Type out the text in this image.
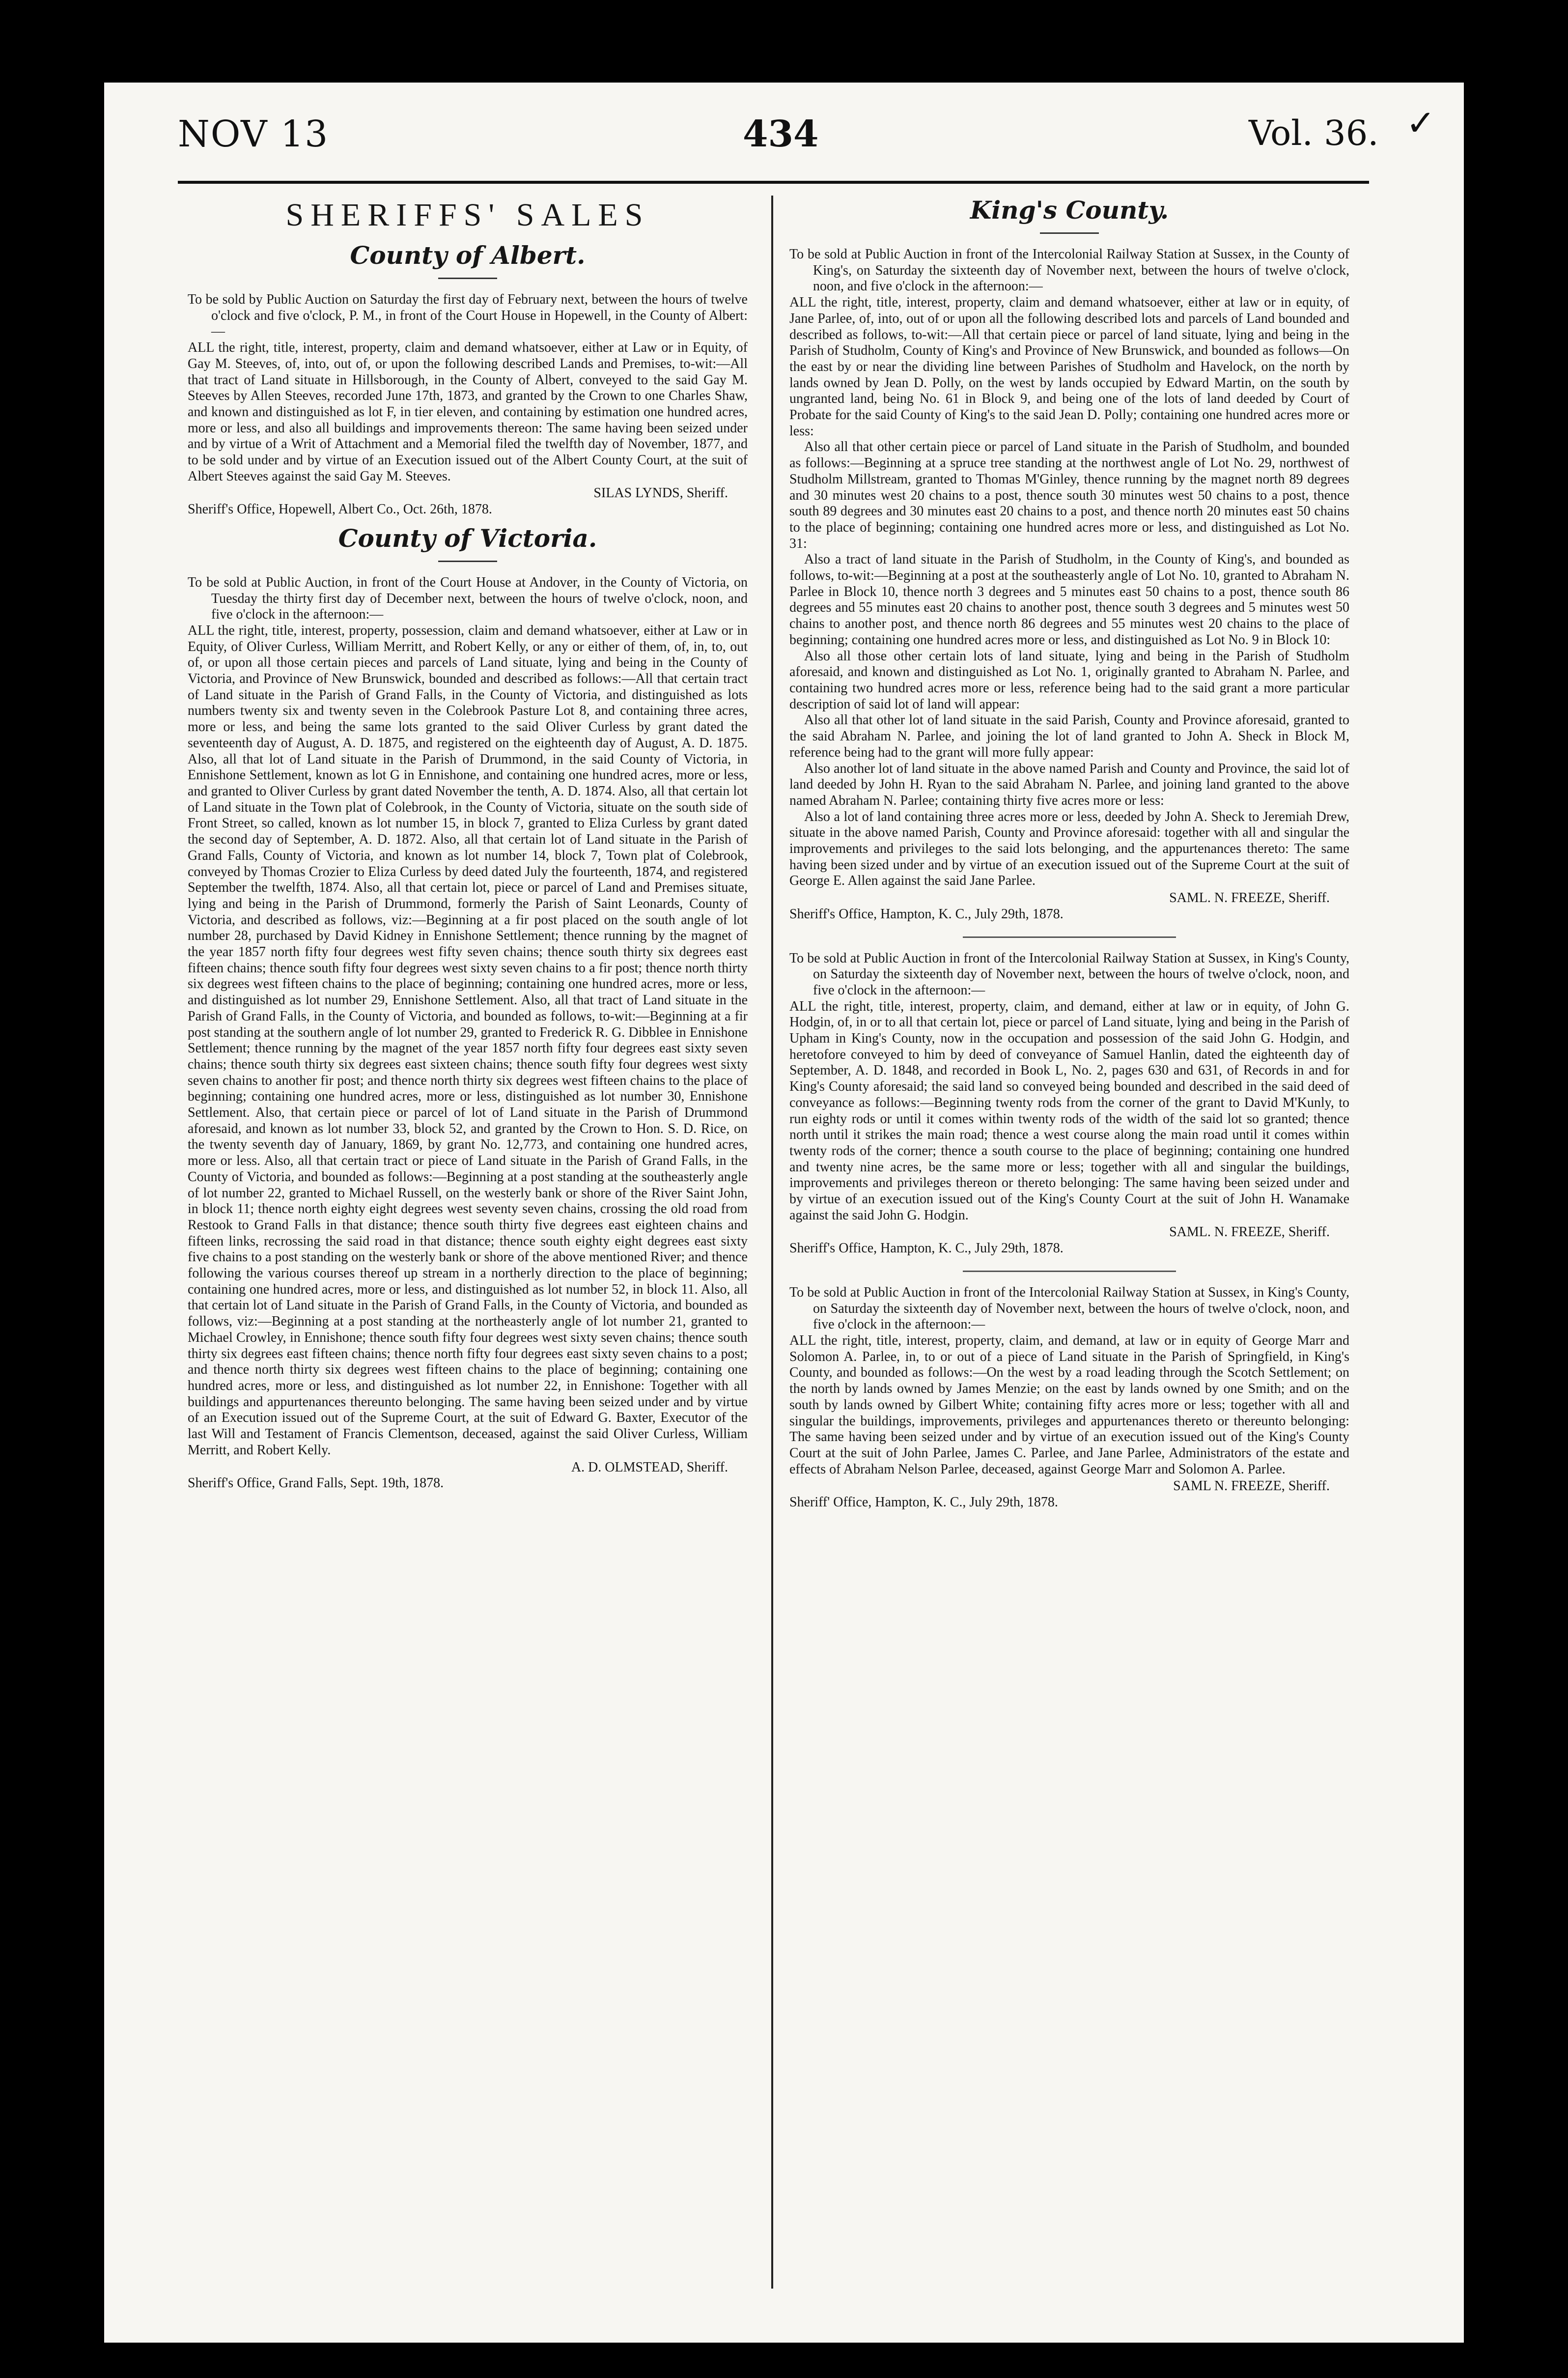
NOV 13	434	Vol. 36. ✓
SHERIFFS' SALES
County of Albert.

To be sold by Public Auction on Saturday the first day of February next, between the hours of twelve o'clock and five o'clock, P. M., in front of the Court House in Hopewell, in the County of Albert:—

ALL the right, title, interest, property, claim and demand whatsoever, either at Law or in Equity, of Gay M. Steeves, of, into, out of, or upon the following described Lands and Premises, to-wit:—All that tract of Land situate in Hillsborough, in the County of Albert, conveyed to the said Gay M. Steeves by Allen Steeves, recorded June 17th, 1873, and granted by the Crown to one Charles Shaw, and known and distinguished as lot F, in tier eleven, and containing by estimation one hundred acres, more or less, and also all buildings and improvements thereon: The same having been seized under and by virtue of a Writ of Attachment and a Memorial filed the twelfth day of November, 1877, and to be sold under and by virtue of an Execution issued out of the Albert County Court, at the suit of Albert Steeves against the said Gay M. Steeves.

SILAS LYNDS, Sheriff.

Sheriff's Office, Hopewell, Albert Co., Oct. 26th, 1878.

County of Victoria.

To be sold at Public Auction, in front of the Court House at Andover, in the County of Victoria, on Tuesday the thirty first day of December next, between the hours of twelve o'clock, noon, and five o'clock in the afternoon:—

ALL the right, title, interest, property, possession, claim and demand whatsoever, either at Law or in Equity, of Oliver Curless, William Merritt, and Robert Kelly, or any or either of them, of, in, to, out of, or upon all those certain pieces and parcels of Land situate, lying and being in the County of Victoria, and Province of New Brunswick, bounded and described as follows:—All that certain tract of Land situate in the Parish of Grand Falls, in the County of Victoria, and distinguished as lots numbers twenty six and twenty seven in the Colebrook Pasture Lot 8, and containing three acres, more or less, and being the same lots granted to the said Oliver Curless by grant dated the seventeenth day of August, A. D. 1875, and registered on the eighteenth day of August, A. D. 1875. Also, all that lot of Land situate in the Parish of Drummond, in the said County of Victoria, in Ennishone Settlement, known as lot G in Ennishone, and containing one hundred acres, more or less, and granted to Oliver Curless by grant dated November the tenth, A. D. 1874. Also, all that certain lot of Land situate in the Town plat of Colebrook, in the County of Victoria, situate on the south side of Front Street, so called, known as lot number 15, in block 7, granted to Eliza Curless by grant dated the second day of September, A. D. 1872. Also, all that certain lot of Land situate in the Parish of Grand Falls, County of Victoria, and known as lot number 14, block 7, Town plat of Colebrook, conveyed by Thomas Crozier to Eliza Curless by deed dated July the fourteenth, 1874, and registered September the twelfth, 1874. Also, all that certain lot, piece or parcel of Land and Premises situate, lying and being in the Parish of Drummond, formerly the Parish of Saint Leonards, County of Victoria, and described as follows, viz:—Beginning at a fir post placed on the south angle of lot number 28, purchased by David Kidney in Ennishone Settlement; thence running by the magnet of the year 1857 north fifty four degrees west fifty seven chains; thence south thirty six degrees east fifteen chains; thence south fifty four degrees west sixty seven chains to a fir post; thence north thirty six degrees west fifteen chains to the place of beginning; containing one hundred acres, more or less, and distinguished as lot number 29, Ennishone Settlement. Also, all that tract of Land situate in the Parish of Grand Falls, in the County of Victoria, and bounded as follows, to-wit:—Beginning at a fir post standing at the southern angle of lot number 29, granted to Frederick R. G. Dibblee in Ennishone Settlement; thence running by the magnet of the year 1857 north fifty four degrees east sixty seven chains; thence south thirty six degrees east sixteen chains; thence south fifty four degrees west sixty seven chains to another fir post; and thence north thirty six degrees west fifteen chains to the place of beginning; containing one hundred acres, more or less, distinguished as lot number 30, Ennishone Settlement. Also, that certain piece or parcel of lot of Land situate in the Parish of Drummond aforesaid, and known as lot number 33, block 52, and granted by the Crown to Hon. S. D. Rice, on the twenty seventh day of January, 1869, by grant No. 12,773, and containing one hundred acres, more or less. Also, all that certain tract or piece of Land situate in the Parish of Grand Falls, in the County of Victoria, and bounded as follows:—Beginning at a post standing at the southeasterly angle of lot number 22, granted to Michael Russell, on the westerly bank or shore of the River Saint John, in block 11; thence north eighty eight degrees west seventy seven chains, crossing the old road from Restook to Grand Falls in that distance; thence south thirty five degrees east eighteen chains and fifteen links, recrossing the said road in that distance; thence south eighty eight degrees east sixty five chains to a post standing on the westerly bank or shore of the above mentioned River; and thence following the various courses thereof up stream in a northerly direction to the place of beginning; containing one hundred acres, more or less, and distinguished as lot number 52, in block 11. Also, all that certain lot of Land situate in the Parish of Grand Falls, in the County of Victoria, and bounded as follows, viz:—Beginning at a post standing at the northeasterly angle of lot number 21, granted to Michael Crowley, in Ennishone; thence south fifty four degrees west sixty seven chains; thence south thirty six degrees east fifteen chains; thence north fifty four degrees east sixty seven chains to a post; and thence north thirty six degrees west fifteen chains to the place of beginning; containing one hundred acres, more or less, and distinguished as lot number 22, in Ennishone: Together with all buildings and appurtenances thereunto belonging. The same having been seized under and by virtue of an Execution issued out of the Supreme Court, at the suit of Edward G. Baxter, Executor of the last Will and Testament of Francis Clementson, deceased, against the said Oliver Curless, William Merritt, and Robert Kelly.

A. D. OLMSTEAD, Sheriff.

Sheriff's Office, Grand Falls, Sept. 19th, 1878.

King's County.

To be sold at Public Auction in front of the Intercolonial Railway Station at Sussex, in the County of King's, on Saturday the sixteenth day of November next, between the hours of twelve o'clock, noon, and five o'clock in the afternoon:—

ALL the right, title, interest, property, claim and demand whatsoever, either at law or in equity, of Jane Parlee, of, into, out of or upon all the following described lots and parcels of Land bounded and described as follows, to-wit:—All that certain piece or parcel of land situate, lying and being in the Parish of Studholm, County of King's and Province of New Brunswick, and bounded as follows—On the east by or near the dividing line between Parishes of Studholm and Havelock, on the north by lands owned by Jean D. Polly, on the west by lands occupied by Edward Martin, on the south by ungranted land, being No. 61 in Block 9, and being one of the lots of land deeded by Court of Probate for the said County of King's to the said Jean D. Polly; containing one hundred acres more or less:

Also all that other certain piece or parcel of Land situate in the Parish of Studholm, and bounded as follows:—Beginning at a spruce tree standing at the northwest angle of Lot No. 29, northwest of Studholm Millstream, granted to Thomas M'Ginley, thence running by the magnet north 89 degrees and 30 minutes west 20 chains to a post, thence south 30 minutes west 50 chains to a post, thence south 89 degrees and 30 minutes east 20 chains to a post, and thence north 20 minutes east 50 chains to the place of beginning; containing one hundred acres more or less, and distinguished as Lot No. 31:

Also a tract of land situate in the Parish of Studholm, in the County of King's, and bounded as follows, to-wit:—Beginning at a post at the southeasterly angle of Lot No. 10, granted to Abraham N. Parlee in Block 10, thence north 3 degrees and 5 minutes east 50 chains to a post, thence south 86 degrees and 55 minutes east 20 chains to another post, thence south 3 degrees and 5 minutes west 50 chains to another post, and thence north 86 degrees and 55 minutes west 20 chains to the place of beginning; containing one hundred acres more or less, and distinguished as Lot No. 9 in Block 10:

Also all those other certain lots of land situate, lying and being in the Parish of Studholm aforesaid, and known and distinguished as Lot No. 1, originally granted to Abraham N. Parlee, and containing two hundred acres more or less, reference being had to the said grant a more particular description of said lot of land will appear:

Also all that other lot of land situate in the said Parish, County and Province aforesaid, granted to the said Abraham N. Parlee, and joining the lot of land granted to John A. Sheck in Block M, reference being had to the grant will more fully appear:

Also another lot of land situate in the above named Parish and County and Province, the said lot of land deeded by John H. Ryan to the said Abraham N. Parlee, and joining land granted to the above named Abraham N. Parlee; containing thirty five acres more or less:

Also a lot of land containing three acres more or less, deeded by John A. Sheck to Jeremiah Drew, situate in the above named Parish, County and Province aforesaid: together with all and singular the improvements and privileges to the said lots belonging, and the appurtenances thereto: The same having been sized under and by virtue of an execution issued out of the Supreme Court at the suit of George E. Allen against the said Jane Parlee.

SAML. N. FREEZE, Sheriff.

Sheriff's Office, Hampton, K. C., July 29th, 1878.

To be sold at Public Auction in front of the Intercolonial Railway Station at Sussex, in King's County, on Saturday the sixteenth day of November next, between the hours of twelve o'clock, noon, and five o'clock in the afternoon:—

ALL the right, title, interest, property, claim, and demand, either at law or in equity, of John G. Hodgin, of, in or to all that certain lot, piece or parcel of Land situate, lying and being in the Parish of Upham in King's County, now in the occupation and possession of the said John G. Hodgin, and heretofore conveyed to him by deed of conveyance of Samuel Hanlin, dated the eighteenth day of September, A. D. 1848, and recorded in Book L, No. 2, pages 630 and 631, of Records in and for King's County aforesaid; the said land so conveyed being bounded and described in the said deed of conveyance as follows:—Beginning twenty rods from the corner of the grant to David M'Kunly, to run eighty rods or until it comes within twenty rods of the width of the said lot so granted; thence north until it strikes the main road; thence a west course along the main road until it comes within twenty rods of the corner; thence a south course to the place of beginning; containing one hundred and twenty nine acres, be the same more or less; together with all and singular the buildings, improvements and privileges thereon or thereto belonging: The same having been seized under and by virtue of an execution issued out of the King's County Court at the suit of John H. Wanamake against the said John G. Hodgin.

SAML. N. FREEZE, Sheriff.

Sheriff's Office, Hampton, K. C., July 29th, 1878.

To be sold at Public Auction in front of the Intercolonial Railway Station at Sussex, in King's County, on Saturday the sixteenth day of November next, between the hours of twelve o'clock, noon, and five o'clock in the afternoon:—

ALL the right, title, interest, property, claim, and demand, at law or in equity of George Marr and Solomon A. Parlee, in, to or out of a piece of Land situate in the Parish of Springfield, in King's County, and bounded as follows:—On the west by a road leading through the Scotch Settlement; on the north by lands owned by James Menzie; on the east by lands owned by one Smith; and on the south by lands owned by Gilbert White; containing fifty acres more or less; together with all and singular the buildings, improvements, privileges and appurtenances thereto or thereunto belonging: The same having been seized under and by virtue of an execution issued out of the King's County Court at the suit of John Parlee, James C. Parlee, and Jane Parlee, Administrators of the estate and effects of Abraham Nelson Parlee, deceased, against George Marr and Solomon A. Parlee.

SAML N. FREEZE, Sheriff.

Sheriff' Office, Hampton, K. C., July 29th, 1878.
